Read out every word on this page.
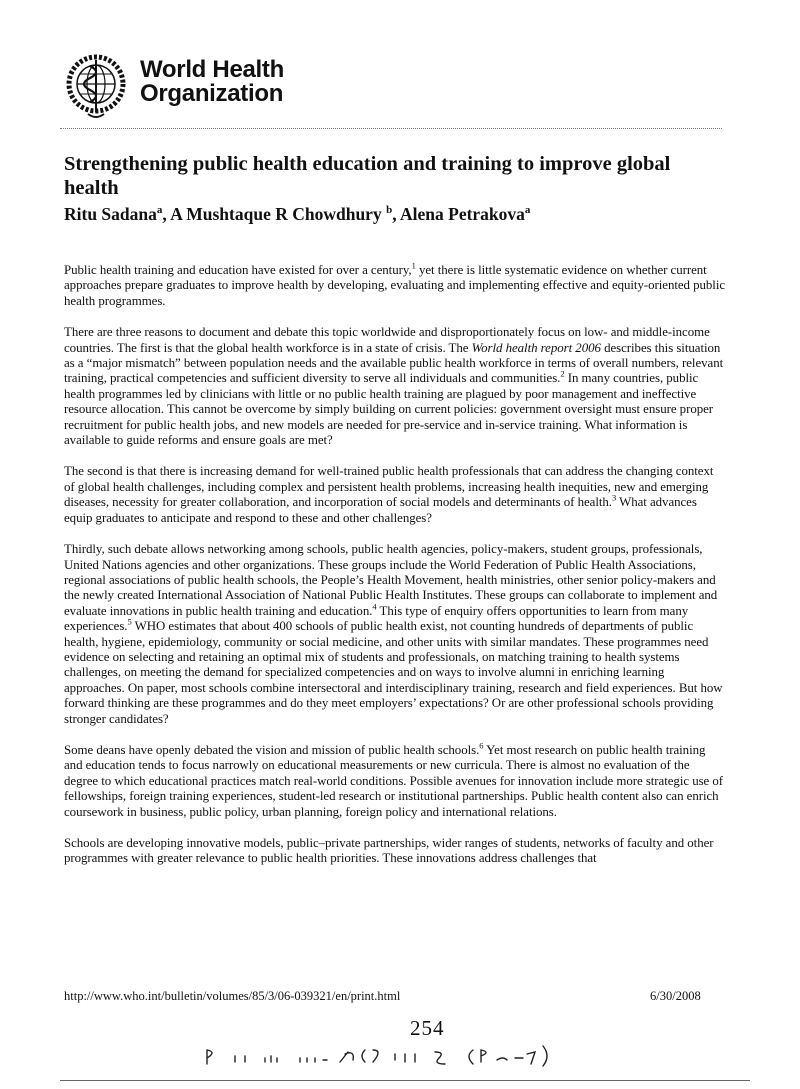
World Health
Organization
Strengthening public health education and training to improve global health
Ritu Sadana$^a$, A Mushtaque R Chowdhury $^b$, Alena Petrakova$^a$

Public health training and education have existed for over a century,$^1$ yet there is little systematic evidence on whether current approaches prepare graduates to improve health by developing, evaluating and implementing effective and equity-oriented public health programmes.

There are three reasons to document and debate this topic worldwide and disproportionately focus on low- and middle-income countries. The first is that the global health workforce is in a state of crisis. The World health report 2006 describes this situation as a “major mismatch” between population needs and the available public health workforce in terms of overall numbers, relevant training, practical competencies and sufficient diversity to serve all individuals and communities.$^2$ In many countries, public health programmes led by clinicians with little or no public health training are plagued by poor management and ineffective resource allocation. This cannot be overcome by simply building on current policies: government oversight must ensure proper recruitment for public health jobs, and new models are needed for pre-service and in-service training. What information is available to guide reforms and ensure goals are met?

The second is that there is increasing demand for well-trained public health professionals that can address the changing context of global health challenges, including complex and persistent health problems, increasing health inequities, new and emerging diseases, necessity for greater collaboration, and incorporation of social models and determinants of health.$^3$ What advances equip graduates to anticipate and respond to these and other challenges?

Thirdly, such debate allows networking among schools, public health agencies, policy-makers, student groups, professionals, United Nations agencies and other organizations. These groups include the World Federation of Public Health Associations, regional associations of public health schools, the People’s Health Movement, health ministries, other senior policy-makers and the newly created International Association of National Public Health Institutes. These groups can collaborate to implement and evaluate innovations in public health training and education.$^4$ This type of enquiry offers opportunities to learn from many experiences.$^5$ WHO estimates that about 400 schools of public health exist, not counting hundreds of departments of public health, hygiene, epidemiology, community or social medicine, and other units with similar mandates. These programmes need evidence on selecting and retaining an optimal mix of students and professionals, on matching training to health systems challenges, on meeting the demand for specialized competencies and on ways to involve alumni in enriching learning approaches. On paper, most schools combine intersectoral and interdisciplinary training, research and field experiences. But how forward thinking are these programmes and do they meet employers’ expectations? Or are other professional schools providing stronger candidates?

Some deans have openly debated the vision and mission of public health schools.$^6$ Yet most research on public health training and education tends to focus narrowly on educational measurements or new curricula. There is almost no evaluation of the degree to which educational practices match real-world conditions. Possible avenues for innovation include more strategic use of fellowships, foreign training experiences, student-led research or institutional partnerships. Public health content also can enrich coursework in business, public policy, urban planning, foreign policy and international relations.

Schools are developing innovative models, public–private partnerships, wider ranges of students, networks of faculty and other programmes with greater relevance to public health priorities. These innovations address challenges that

http://www.who.int/bulletin/volumes/85/3/06-039321/en/print.html	6/30/2008
254
